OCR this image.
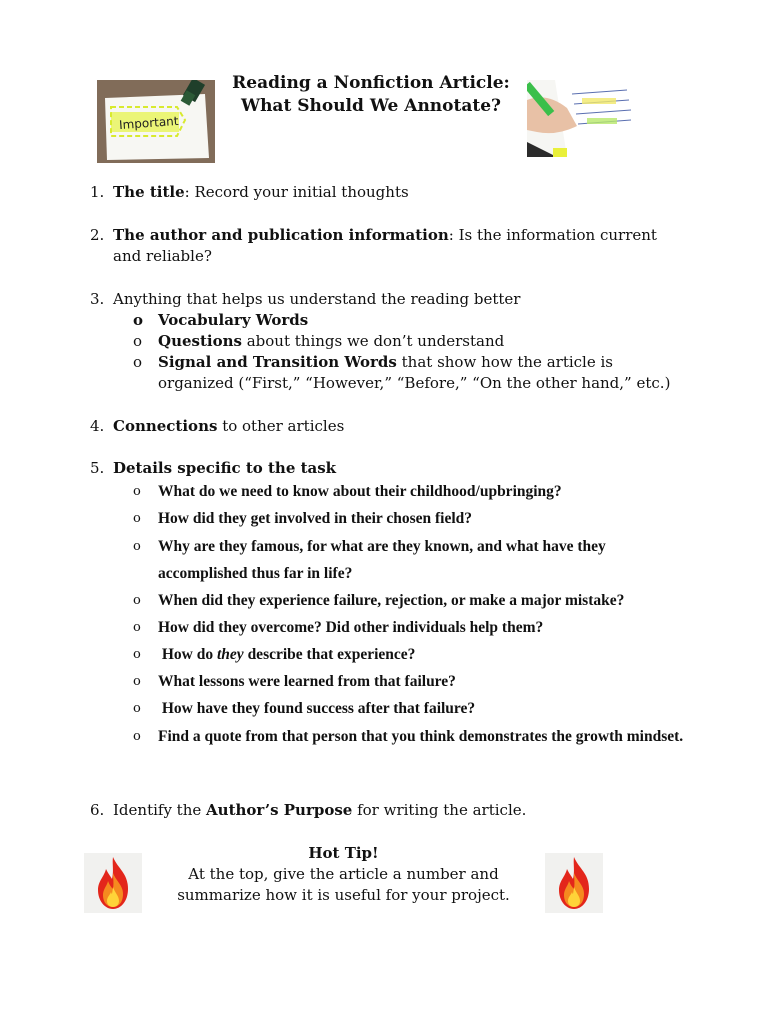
Important
Reading a Nonfiction Article:
What Should We Annotate?
1. The title: Record your initial thoughts
2. The author and publication information: Is the information current and reliable?
3. Anything that helps us understand the reading better
o Vocabulary Words
o Questions about things we don’t understand
o Signal and Transition Words that show how the article is organized (“First,” “However,” “Before,” “On the other hand,” etc.)
4. Connections to other articles
5. Details specific to the task
o What do we need to know about their childhood/upbringing?
o How did they get involved in their chosen field?
o Why are they famous, for what are they known, and what have they accomplished thus far in life?
o When did they experience failure, rejection, or make a major mistake?
o How did they overcome? Did other individuals help them?
o How do they describe that experience?
o What lessons were learned from that failure?
o How have they found success after that failure?
o Find a quote from that person that you think demonstrates the growth mindset.
6. Identify the Author’s Purpose for writing the article.
Hot Tip!
At the top, give the article a number and
summarize how it is useful for your project.
